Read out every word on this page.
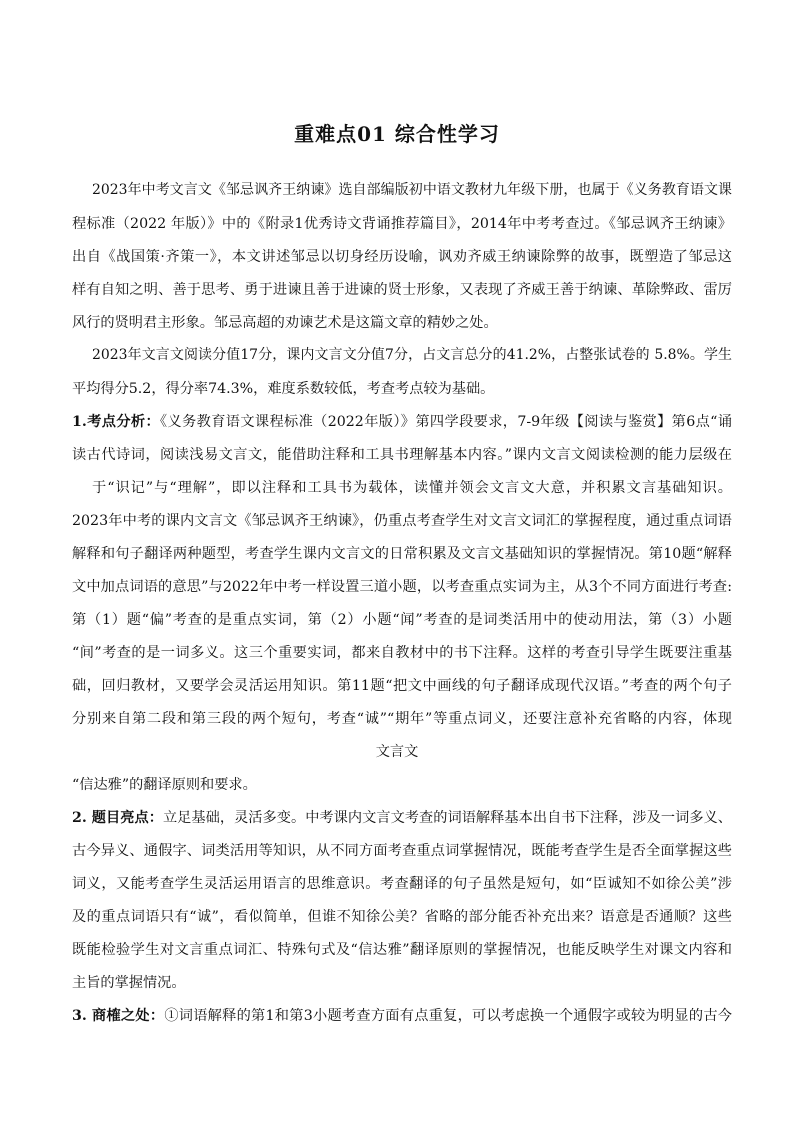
重难点01 综合性学习
2023年中考文言文《邹忌讽齐王纳谏》选自部编版初中语文教材九年级下册，也属于《义务教育语文课
程标准（2022 年版）》中的《附录1优秀诗文背诵推荐篇目》，2014年中考考查过。《邹忌讽齐王纳谏》
出自《战国策·齐策一》，本文讲述邹忌以切身经历设喻，讽劝齐威王纳谏除弊的故事，既塑造了邹忌这
样有自知之明、善于思考、勇于进谏且善于进谏的贤士形象，又表现了齐威王善于纳谏、革除弊政、雷厉
风行的贤明君主形象。邹忌高超的劝谏艺术是这篇文章的精妙之处。
2023年文言文阅读分值17分，课内文言文分值7分，占文言总分的41.2%，占整张试卷的 5.8%。学生
平均得分5.2，得分率74.3%，难度系数较低，考查考点较为基础。
1.考点分析：《义务教育语文课程标准（2022年版）》第四学段要求，7-9年级【阅读与鉴赏】第6点“诵
读古代诗词，阅读浅易文言文，能借助注释和工具书理解基本内容。”课内文言文阅读检测的能力层级在
于“识记”与“理解”，即以注释和工具书为载体，读懂并领会文言文大意，并积累文言基础知识。
2023年中考的课内文言文《邹忌讽齐王纳谏》，仍重点考查学生对文言文词汇的掌握程度，通过重点词语
解释和句子翻译两种题型，考查学生课内文言文的日常积累及文言文基础知识的掌握情况。第10题“解释
文中加点词语的意思”与2022年中考一样设置三道小题，以考查重点实词为主，从3个不同方面进行考查:
第（1）题“偏”考查的是重点实词，第（2）小题“闻”考查的是词类活用中的使动用法，第（3）小题
“间”考查的是一词多义。这三个重要实词，都来自教材中的书下注释。这样的考查引导学生既要注重基
础，回归教材，又要学会灵活运用知识。第11题“把文中画线的句子翻译成现代汉语。”考查的两个句子
分别来自第二段和第三段的两个短句，考查“诚”“期年”等重点词义，还要注意补充省略的内容，体现
文言文
“信达雅”的翻译原则和要求。
2. 题目亮点：立足基础，灵活多变。中考课内文言文考查的词语解释基本出自书下注释，涉及一词多义、
古今异义、通假字、词类活用等知识，从不同方面考查重点词掌握情况，既能考查学生是否全面掌握这些
词义，又能考查学生灵活运用语言的思维意识。考查翻译的句子虽然是短句，如“臣诚知不如徐公美”涉
及的重点词语只有“诚”，看似简单，但谁不知徐公美？省略的部分能否补充出来？语意是否通顺？这些
既能检验学生对文言重点词汇、特殊句式及“信达雅”翻译原则的掌握情况，也能反映学生对课文内容和
主旨的掌握情况。
3. 商榷之处：①词语解释的第1和第3小题考查方面有点重复，可以考虑换一个通假字或较为明显的古今
